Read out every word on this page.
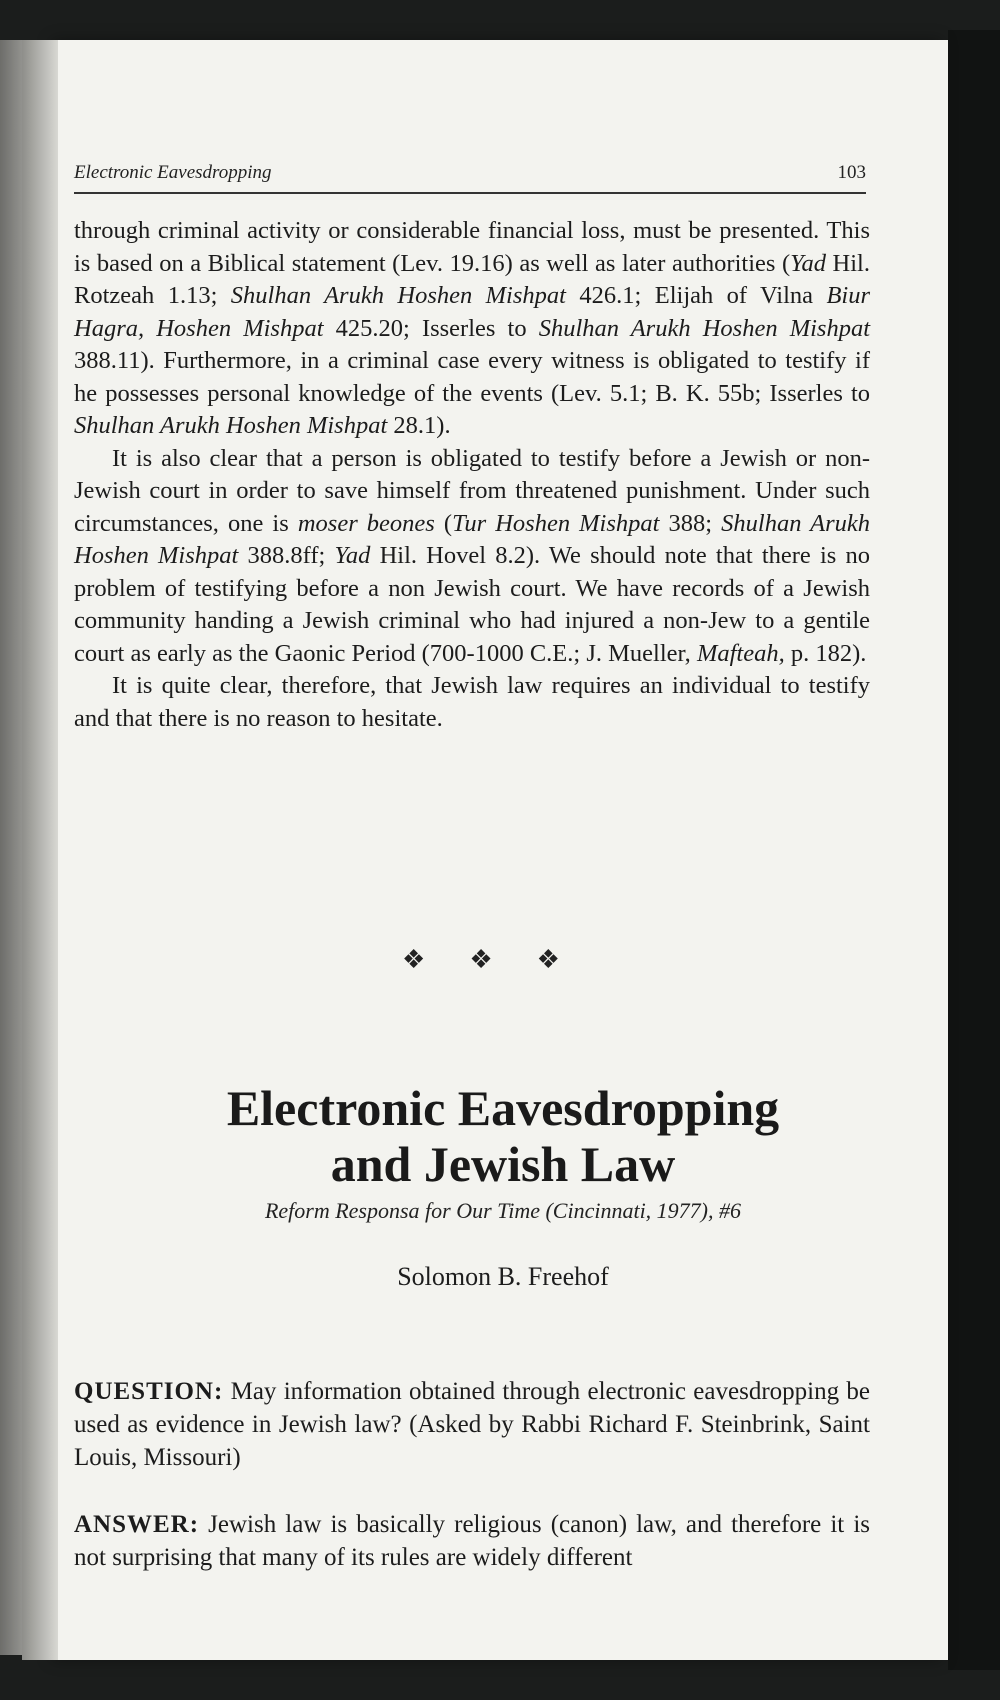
Electronic Eavesdropping	103

through criminal activity or considerable financial loss, must be presented. This is based on a Biblical statement (Lev. 19.16) as well as later authorities (Yad Hil. Rotzeah 1.13; Shulhan Arukh Hoshen Mishpat 426.1; Elijah of Vilna Biur Hagra, Hoshen Mishpat 425.20; Isserles to Shulhan Arukh Hoshen Mishpat 388.11). Furthermore, in a criminal case every witness is obligated to testify if he possesses personal knowledge of the events (Lev. 5.1; B. K. 55b; Isserles to Shulhan Arukh Hoshen Mishpat 28.1).

It is also clear that a person is obligated to testify before a Jewish or non-Jewish court in order to save himself from threatened punishment. Under such circumstances, one is moser beones (Tur Hoshen Mishpat 388; Shulhan Arukh Hoshen Mishpat 388.8ff; Yad Hil. Hovel 8.2). We should note that there is no problem of testifying before a non Jewish court. We have records of a Jewish community handing a Jewish criminal who had injured a non-Jew to a gentile court as early as the Gaonic Period (700-1000 C.E.; J. Mueller, Mafteah, p. 182).

It is quite clear, therefore, that Jewish law requires an individual to testify and that there is no reason to hesitate.

❖❖❖
Electronic Eavesdropping
and Jewish Law
Reform Responsa for Our Time (Cincinnati, 1977), #6
Solomon B. Freehof
QUESTION: May information obtained through electronic eavesdropping be used as evidence in Jewish law? (Asked by Rabbi Richard F. Steinbrink, Saint Louis, Missouri)
ANSWER: Jewish law is basically religious (canon) law, and therefore it is not surprising that many of its rules are widely different
